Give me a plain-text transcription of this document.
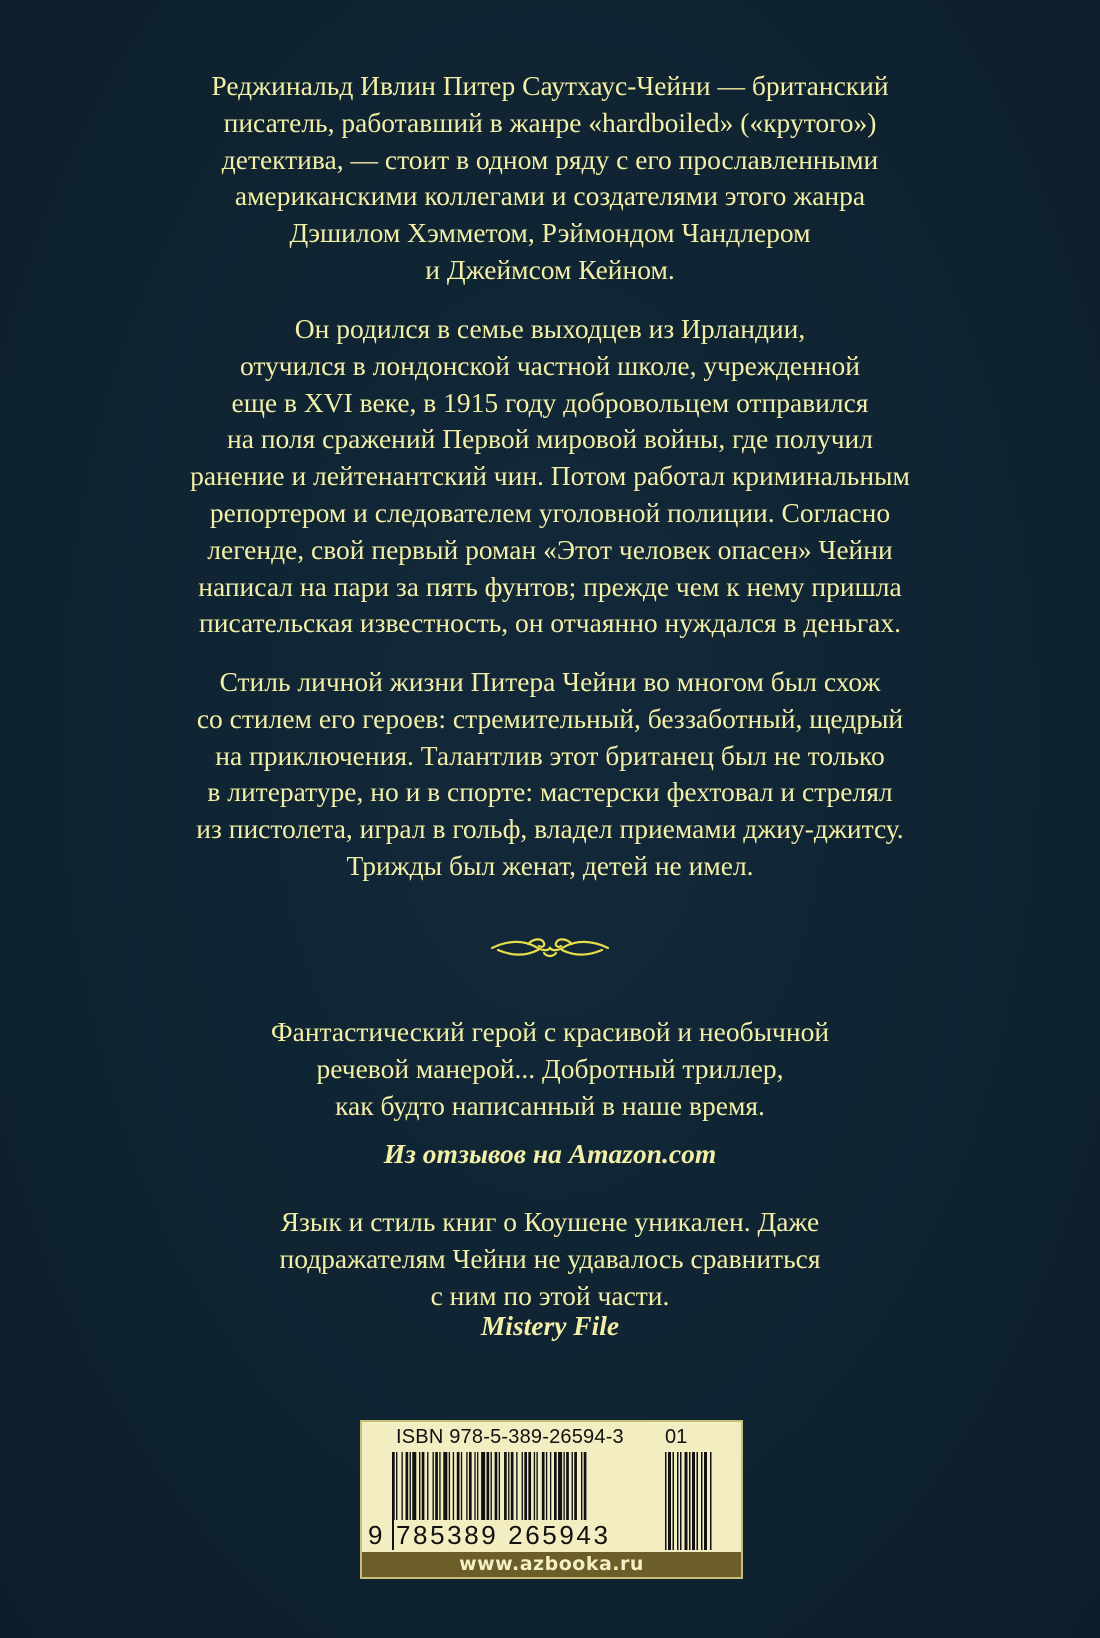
Реджинальд Ивлин Питер Саутхаус-Чейни — британский
писатель, работавший в жанре «hardboiled» («крутого»)
детектива, — стоит в одном ряду с его прославленными
американскими коллегами и создателями этого жанра
Дэшилом Хэмметом, Рэймондом Чандлером
и Джеймсом Кейном.
Он родился в семье выходцев из Ирландии,
отучился в лондонской частной школе, учрежденной
еще в XVI веке, в 1915 году добровольцем отправился
на поля сражений Первой мировой войны, где получил
ранение и лейтенантский чин. Потом работал криминальным
репортером и следователем уголовной полиции. Согласно
легенде, свой первый роман «Этот человек опасен» Чейни
написал на пари за пять фунтов; прежде чем к нему пришла
писательская известность, он отчаянно нуждался в деньгах.
Стиль личной жизни Питера Чейни во многом был схож
со стилем его героев: стремительный, беззаботный, щедрый
на приключения. Талантлив этот британец был не только
в литературе, но и в спорте: мастерски фехтовал и стрелял
из пистолета, играл в гольф, владел приемами джиу-джитсу.
Трижды был женат, детей не имел.
Фантастический герой с красивой и необычной
речевой манерой... Добротный триллер,
как будто написанный в наше время.
Из отзывов на Amazon.com
Язык и стиль книг о Коушене уникален. Даже
подражателям Чейни не удавалось сравниться
с ним по этой части.
Mistery File
ISBN 978-5-389-26594-3 01
9 785389 265943
www.azbooka.ru
